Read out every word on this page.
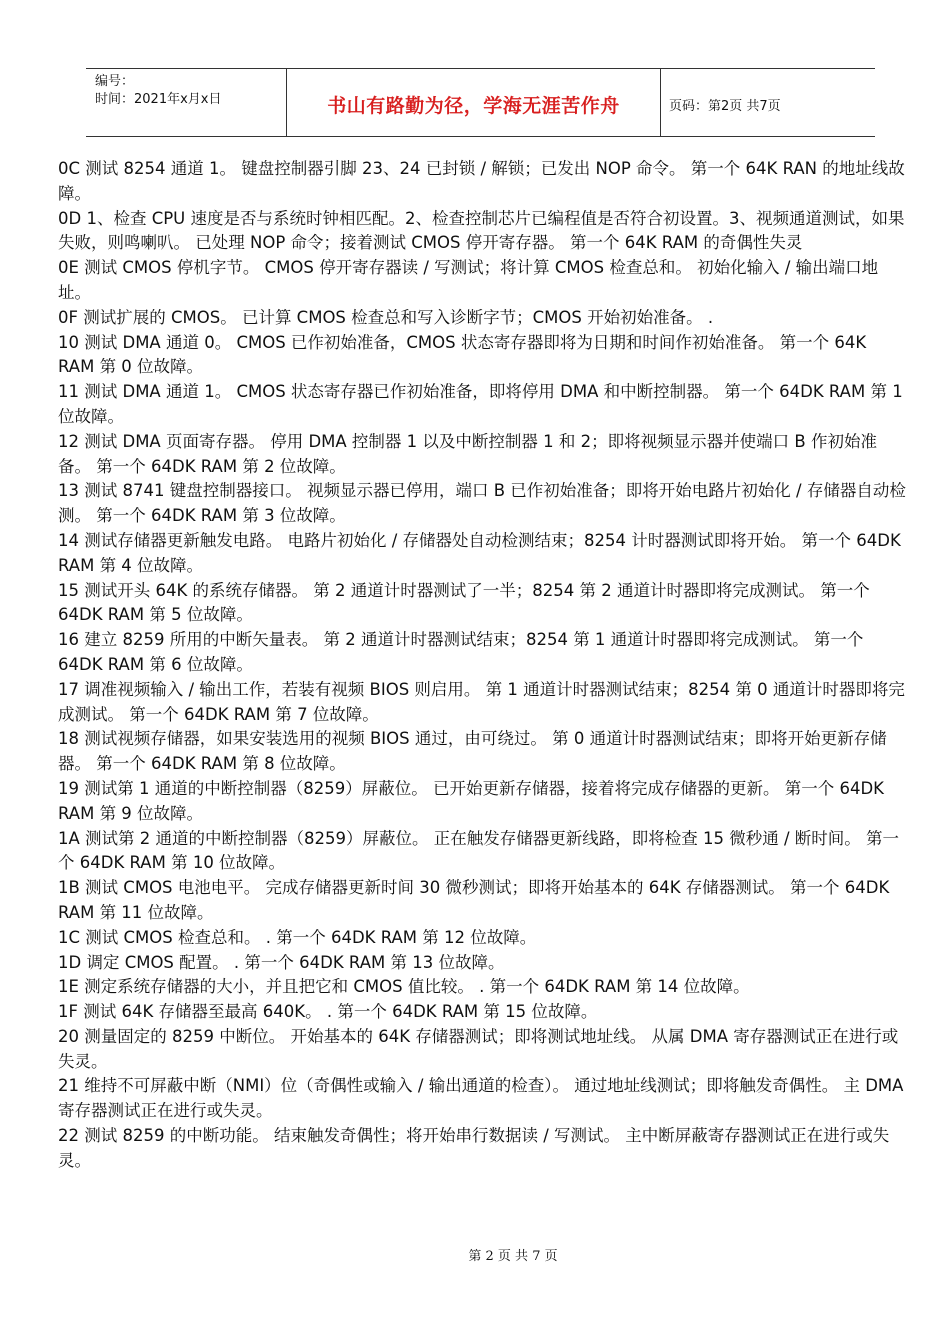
编号：
时间：2021年x月x日	书山有路勤为径，学海无涯苦作舟	页码：第2页 共7页

0C 测试 8254 通道 1。 键盘控制器引脚 23、24 已封锁 / 解锁；已发出 NOP 命令。 第一个 64K RAN 的地址线故障。

0D 1、检查 CPU 速度是否与系统时钟相匹配。2、检查控制芯片已编程值是否符合初设置。3、视频通道测试，如果失败，则鸣喇叭。 已处理 NOP 命令；接着测试 CMOS 停开寄存器。 第一个 64K RAM 的奇偶性失灵

0E 测试 CMOS 停机字节。 CMOS 停开寄存器读 / 写测试；将计算 CMOS 检查总和。 初始化输入 / 输出端口地址。

0F 测试扩展的 CMOS。 已计算 CMOS 检查总和写入诊断字节；CMOS 开始初始准备。 .

10 测试 DMA 通道 0。 CMOS 已作初始准备，CMOS 状态寄存器即将为日期和时间作初始准备。 第一个 64K RAM 第 0 位故障。

11 测试 DMA 通道 1。 CMOS 状态寄存器已作初始准备，即将停用 DMA 和中断控制器。 第一个 64DK RAM 第 1 位故障。

12 测试 DMA 页面寄存器。 停用 DMA 控制器 1 以及中断控制器 1 和 2；即将视频显示器并使端口 B 作初始准备。 第一个 64DK RAM 第 2 位故障。

13 测试 8741 键盘控制器接口。 视频显示器已停用，端口 B 已作初始准备；即将开始电路片初始化 / 存储器自动检测。 第一个 64DK RAM 第 3 位故障。

14 测试存储器更新触发电路。 电路片初始化 / 存储器处自动检测结束；8254 计时器测试即将开始。 第一个 64DK RAM 第 4 位故障。

15 测试开头 64K 的系统存储器。 第 2 通道计时器测试了一半；8254 第 2 通道计时器即将完成测试。 第一个 64DK RAM 第 5 位故障。

16 建立 8259 所用的中断矢量表。 第 2 通道计时器测试结束；8254 第 1 通道计时器即将完成测试。 第一个 64DK RAM 第 6 位故障。

17 调准视频输入 / 输出工作，若装有视频 BIOS 则启用。 第 1 通道计时器测试结束；8254 第 0 通道计时器即将完成测试。 第一个 64DK RAM 第 7 位故障。

18 测试视频存储器，如果安装选用的视频 BIOS 通过，由可绕过。 第 0 通道计时器测试结束；即将开始更新存储器。 第一个 64DK RAM 第 8 位故障。

19 测试第 1 通道的中断控制器（8259）屏蔽位。 已开始更新存储器，接着将完成存储器的更新。 第一个 64DK RAM 第 9 位故障。

1A 测试第 2 通道的中断控制器（8259）屏蔽位。 正在触发存储器更新线路，即将检查 15 微秒通 / 断时间。 第一个 64DK RAM 第 10 位故障。

1B 测试 CMOS 电池电平。 完成存储器更新时间 30 微秒测试；即将开始基本的 64K 存储器测试。 第一个 64DK RAM 第 11 位故障。

1C 测试 CMOS 检查总和。 . 第一个 64DK RAM 第 12 位故障。

1D 调定 CMOS 配置。 . 第一个 64DK RAM 第 13 位故障。

1E 测定系统存储器的大小，并且把它和 CMOS 值比较。 . 第一个 64DK RAM 第 14 位故障。

1F 测试 64K 存储器至最高 640K。 . 第一个 64DK RAM 第 15 位故障。

20 测量固定的 8259 中断位。 开始基本的 64K 存储器测试；即将测试地址线。 从属 DMA 寄存器测试正在进行或失灵。

21 维持不可屏蔽中断（NMI）位（奇偶性或输入 / 输出通道的检查）。 通过地址线测试；即将触发奇偶性。 主 DMA 寄存器测试正在进行或失灵。

22 测试 8259 的中断功能。 结束触发奇偶性；将开始串行数据读 / 写测试。 主中断屏蔽寄存器测试正在进行或失灵。

第 2 页 共 7 页
